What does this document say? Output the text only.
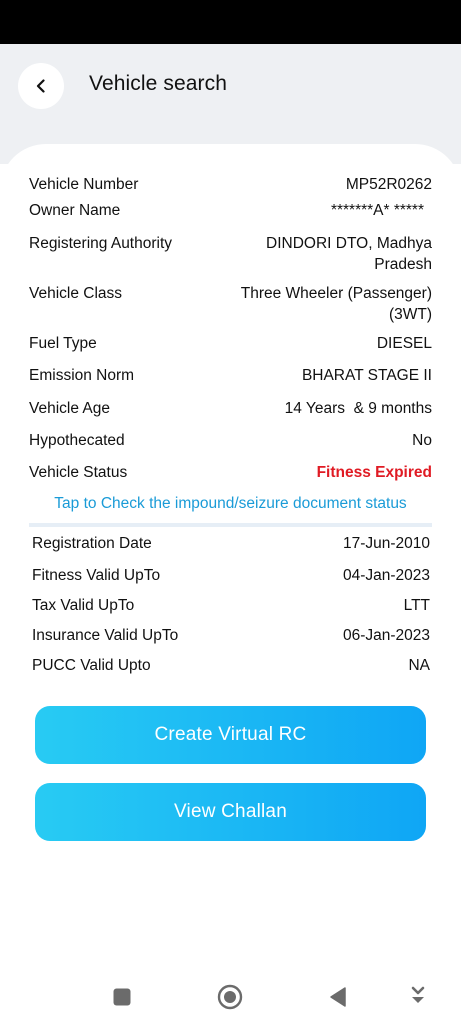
Vehicle search
Vehicle Number	MP52R0262
Owner Name	*******A* *****
Registering Authority	DINDORI DTO, Madhya Pradesh
Vehicle Class	Three Wheeler (Passenger) (3WT)
Fuel Type	DIESEL
Emission Norm	BHARAT STAGE II
Vehicle Age	14 Years  & 9 months
Hypothecated	No
Vehicle Status	Fitness Expired
Tap to Check the impound/seizure document status
Registration Date	17-Jun-2010
Fitness Valid UpTo	04-Jan-2023
Tax Valid UpTo	LTT
Insurance Valid UpTo	06-Jan-2023
PUCC Valid Upto	NA
Create Virtual RC
View Challan
